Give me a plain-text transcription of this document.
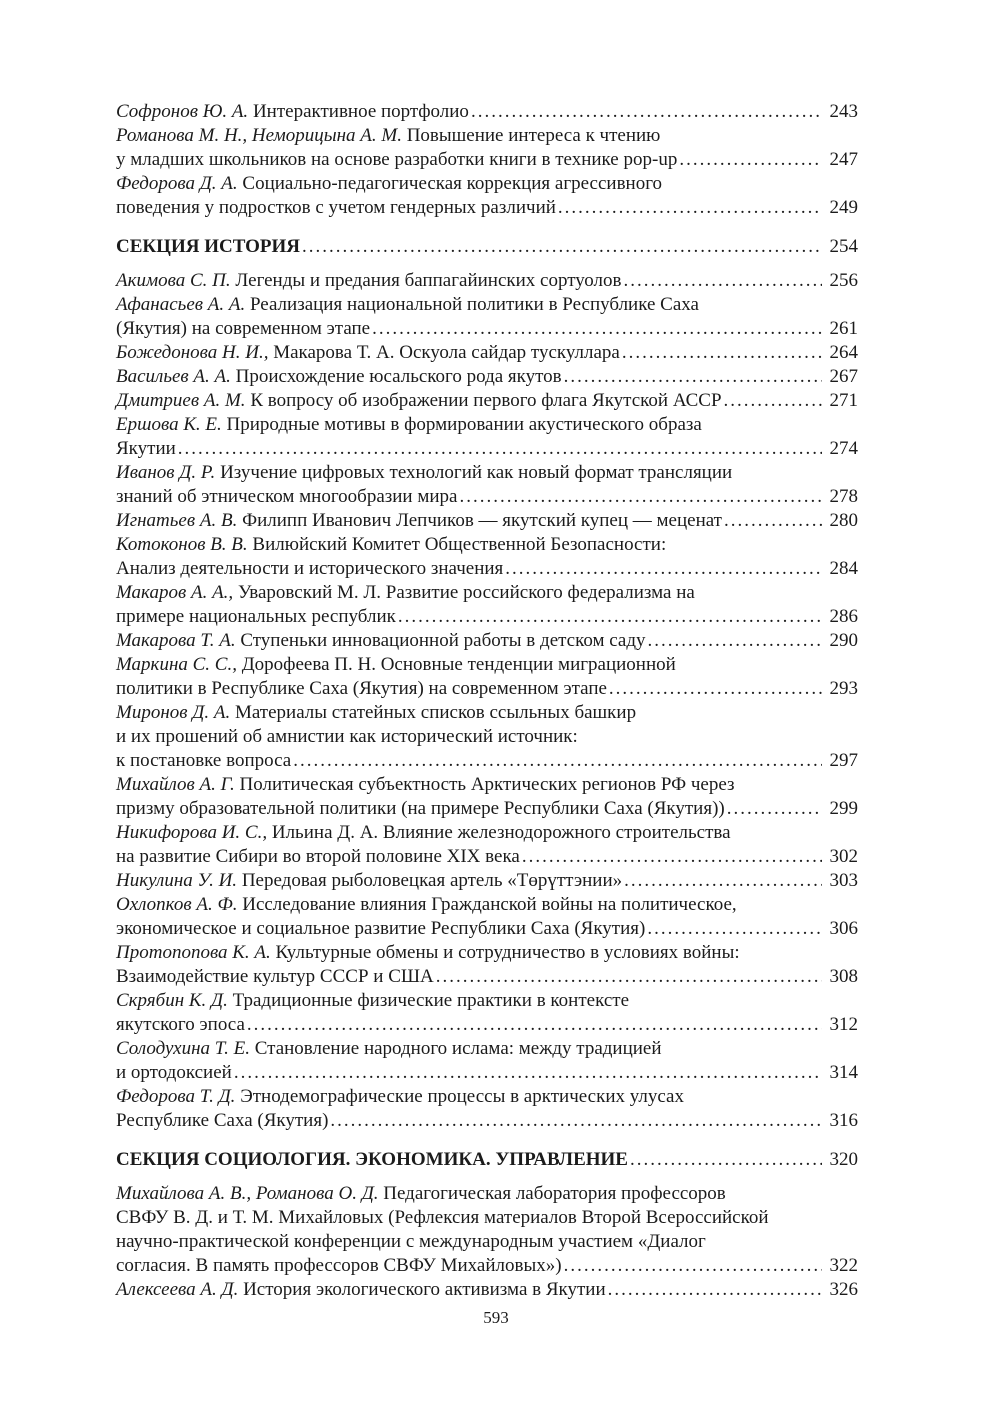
Софронов Ю. А. Интерактивное портфолио .....	243
Романова М. Н., Неморицына А. М. Повышение интереса к чтению
у младших школьников на основе разработки книги в технике pop-up .....	247
Федорова Д. А. Социально-педагогическая коррекция агрессивного
поведения у подростков с учетом гендерных различий .....	249
СЕКЦИЯ ИСТОРИЯ .....	254
Акимова С. П. Легенды и предания баппагайинских сортуолов .....	256
Афанасьев А. А. Реализация национальной политики в Республике Саха
(Якутия) на современном этапе .....	261
Божедонова Н. И., Макарова Т. А. Оскуола сайдар тускуллара .....	264
Васильев А. А. Происхождение юсальского рода якутов .....	267
Дмитриев А. М. К вопросу об изображении первого флага Якутской АССР .....	271
Ершова К. Е. Природные мотивы в формировании акустического образа
Якутии .....	274
Иванов Д. Р. Изучение цифровых технологий как новый формат трансляции
знаний об этническом многообразии мира .....	278
Игнатьев А. В. Филипп Иванович Лепчиков — якутский купец — меценат .....	280
Котоконов В. В. Вилюйский Комитет Общественной Безопасности:
Анализ деятельности и исторического значения .....	284
Макаров А. А., Уваровский М. Л. Развитие российского федерализма на
примере национальных республик .....	286
Макарова Т. А. Ступеньки инновационной работы в детском саду .....	290
Маркина С. С., Дорофеева П. Н. Основные тенденции миграционной
политики в Республике Саха (Якутия) на современном этапе .....	293
Миронов Д. А. Материалы статейных списков ссыльных башкир
и их прошений об амнистии как исторический источник:
к постановке вопроса .....	297
Михайлов А. Г. Политическая субъектность Арктических регионов РФ через
призму образовательной политики (на примере Республики Саха (Якутия)) .....	299
Никифорова И. С., Ильина Д. А. Влияние железнодорожного строительства
на развитие Сибири во второй половине XIX века .....	302
Никулина У. И. Передовая рыболовецкая артель «Төрүттэнии» .....	303
Охлопков А. Ф. Исследование влияния Гражданской войны на политическое,
экономическое и социальное развитие Республики Саха (Якутия) .....	306
Протопопова К. А. Культурные обмены и сотрудничество в условиях войны:
Взаимодействие культур СССР и США .....	308
Скрябин К. Д. Традиционные физические практики в контексте
якутского эпоса .....	312
Солодухина Т. Е. Становление народного ислама: между традицией
и ортодоксией .....	314
Федорова Т. Д. Этнодемографические процессы в арктических улусах
Республике Саха (Якутия) .....	316
СЕКЦИЯ СОЦИОЛОГИЯ. ЭКОНОМИКА. УПРАВЛЕНИЕ .....	320
Михайлова А. В., Романова О. Д. Педагогическая лаборатория профессоров
СВФУ В. Д. и Т. М. Михайловых (Рефлексия материалов Второй Всероссийской
научно-практической конференции с международным участием «Диалог
согласия. В память профессоров СВФУ Михайловых») .....	322
Алексеева А. Д. История экологического активизма в Якутии .....	326
593
